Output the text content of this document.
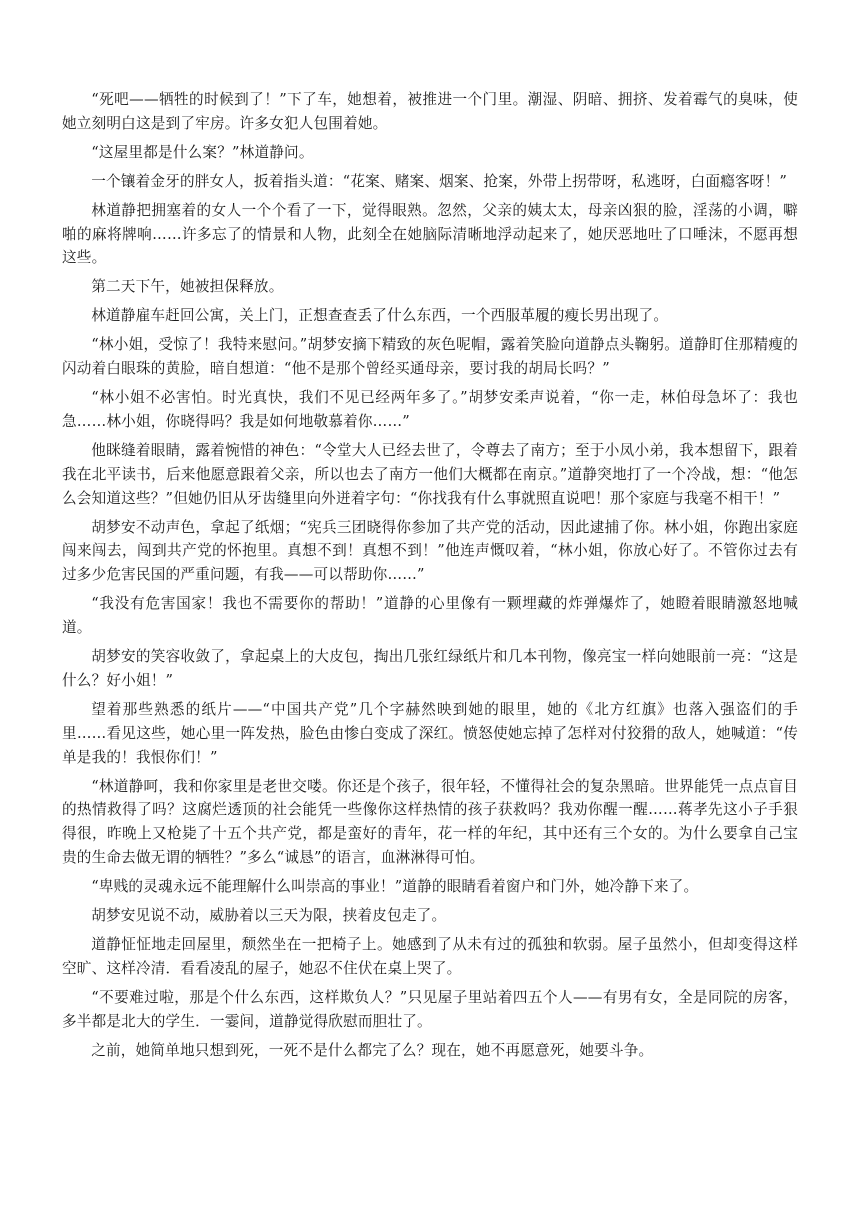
“死吧——牺牲的时候到了！”下了车，她想着，被推进一个门里。潮湿、阴暗、拥挤、发着霉气的臭味，使她立刻明白这是到了牢房。许多女犯人包围着她。

“这屋里都是什么案？”林道静问。

一个镶着金牙的胖女人，扳着指头道：“花案、赌案、烟案、抢案，外带上拐带呀，私逃呀，白面瘾客呀！”

林道静把拥塞着的女人一个个看了一下，觉得眼熟。忽然，父亲的姨太太，母亲凶狠的脸，淫荡的小调，噼啪的麻将牌响……许多忘了的情景和人物，此刻全在她脑际清晰地浮动起来了，她厌恶地吐了口唾沫，不愿再想这些。

第二天下午，她被担保释放。

林道静雇车赶回公寓，关上门，正想查查丢了什么东西，一个西服革履的瘦长男出现了。

“林小姐，受惊了！我特来慰问。”胡梦安摘下精致的灰色呢帽，露着笑脸向道静点头鞠躬。道静盯住那精瘦的闪动着白眼珠的黄脸，暗自想道：“他不是那个曾经买通母亲，要讨我的胡局长吗？”

“林小姐不必害怕。时光真快，我们不见已经两年多了。”胡梦安柔声说着，“你一走，林伯母急坏了：我也急……林小姐，你晓得吗？我是如何地敬慕着你……”

他眯缝着眼睛，露着惋惜的神色：“令堂大人已经去世了，令尊去了南方；至于小凤小弟，我本想留下，跟着我在北平读书，后来他愿意跟着父亲，所以也去了南方一他们大概都在南京。”道静突地打了一个冷战，想：“他怎么会知道这些？”但她仍旧从牙齿缝里向外迸着字句：“你找我有什么事就照直说吧！那个家庭与我毫不相干！”

胡梦安不动声色，拿起了纸烟；“宪兵三团晓得你参加了共产党的活动，因此逮捕了你。林小姐，你跑出家庭闯来闯去，闯到共产党的怀抱里。真想不到！真想不到！”他连声慨叹着，“林小姐，你放心好了。不管你过去有过多少危害民国的严重问题，有我——可以帮助你……”

“我没有危害国家！我也不需要你的帮助！”道静的心里像有一颗埋藏的炸弹爆炸了，她瞪着眼睛激怒地喊道。

胡梦安的笑容收敛了，拿起桌上的大皮包，掏出几张红绿纸片和几本刊物，像亮宝一样向她眼前一亮：“这是什么？好小姐！”

望着那些熟悉的纸片——“中国共产党”几个字赫然映到她的眼里，她的《北方红旗》也落入强盗们的手里……看见这些，她心里一阵发热，脸色由惨白变成了深红。愤怒使她忘掉了怎样对付狡猾的敌人，她喊道：“传单是我的！我恨你们！”

“林道静呵，我和你家里是老世交喽。你还是个孩子，很年轻，不懂得社会的复杂黑暗。世界能凭一点点盲目的热情救得了吗？这腐烂透顶的社会能凭一些像你这样热情的孩子获救吗？我劝你醒一醒……蒋孝先这小子手狠得很，昨晚上又枪毙了十五个共产党，都是蛮好的青年，花一样的年纪，其中还有三个女的。为什么要拿自己宝贵的生命去做无谓的牺牲？”多么“诚恳”的语言，血淋淋得可怕。

“卑贱的灵魂永远不能理解什么叫崇高的事业！”道静的眼睛看着窗户和门外，她冷静下来了。

胡梦安见说不动，威胁着以三天为限，挟着皮包走了。

道静怔怔地走回屋里，颓然坐在一把椅子上。她感到了从未有过的孤独和软弱。屋子虽然小，但却变得这样空旷、这样冷清．看看凌乱的屋子，她忍不住伏在桌上哭了。

“不要难过啦，那是个什么东西，这样欺负人？”只见屋子里站着四五个人——有男有女，全是同院的房客，多半都是北大的学生．一霎间，道静觉得欣慰而胆壮了。

之前，她简单地只想到死，一死不是什么都完了么？现在，她不再愿意死，她要斗争。
